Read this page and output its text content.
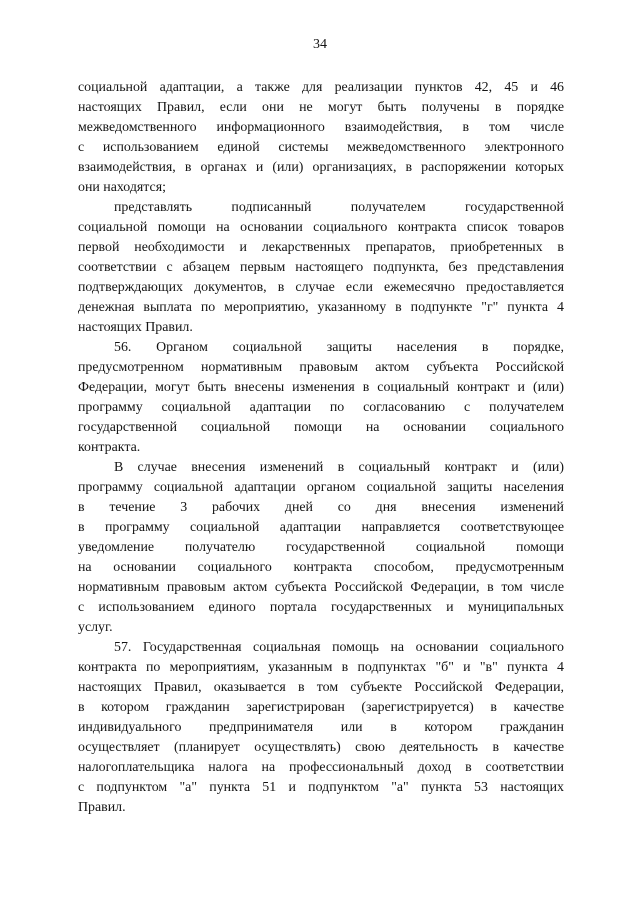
34
социальной адаптации, а также для реализации пунктов 42, 45 и 46
настоящих Правил, если они не могут быть получены в порядке
межведомственного информационного взаимодействия, в том числе
с использованием единой системы межведомственного электронного
взаимодействия, в органах и (или) организациях, в распоряжении которых
они находятся;
представлять подписанный получателем государственной
социальной помощи на основании социального контракта список товаров
первой необходимости и лекарственных препаратов, приобретенных в
соответствии с абзацем первым настоящего подпункта, без представления
подтверждающих документов, в случае если ежемесячно предоставляется
денежная выплата по мероприятию, указанному в подпункте "г" пункта 4
настоящих Правил.
56. Органом социальной защиты населения в порядке,
предусмотренном нормативным правовым актом субъекта Российской
Федерации, могут быть внесены изменения в социальный контракт и (или)
программу социальной адаптации по согласованию с получателем
государственной социальной помощи на основании социального
контракта.
В случае внесения изменений в социальный контракт и (или)
программу социальной адаптации органом социальной защиты населения
в течение 3 рабочих дней со дня внесения изменений
в программу социальной адаптации направляется соответствующее
уведомление получателю государственной социальной помощи
на основании социального контракта способом, предусмотренным
нормативным правовым актом субъекта Российской Федерации, в том числе
с использованием единого портала государственных и муниципальных
услуг.
57. Государственная социальная помощь на основании социального
контракта по мероприятиям, указанным в подпунктах "б" и "в" пункта 4
настоящих Правил, оказывается в том субъекте Российской Федерации,
в котором гражданин зарегистрирован (зарегистрируется) в качестве
индивидуального предпринимателя или в котором гражданин
осуществляет (планирует осуществлять) свою деятельность в качестве
налогоплательщика налога на профессиональный доход в соответствии
с подпунктом "а" пункта 51 и подпунктом "а" пункта 53 настоящих
Правил.
